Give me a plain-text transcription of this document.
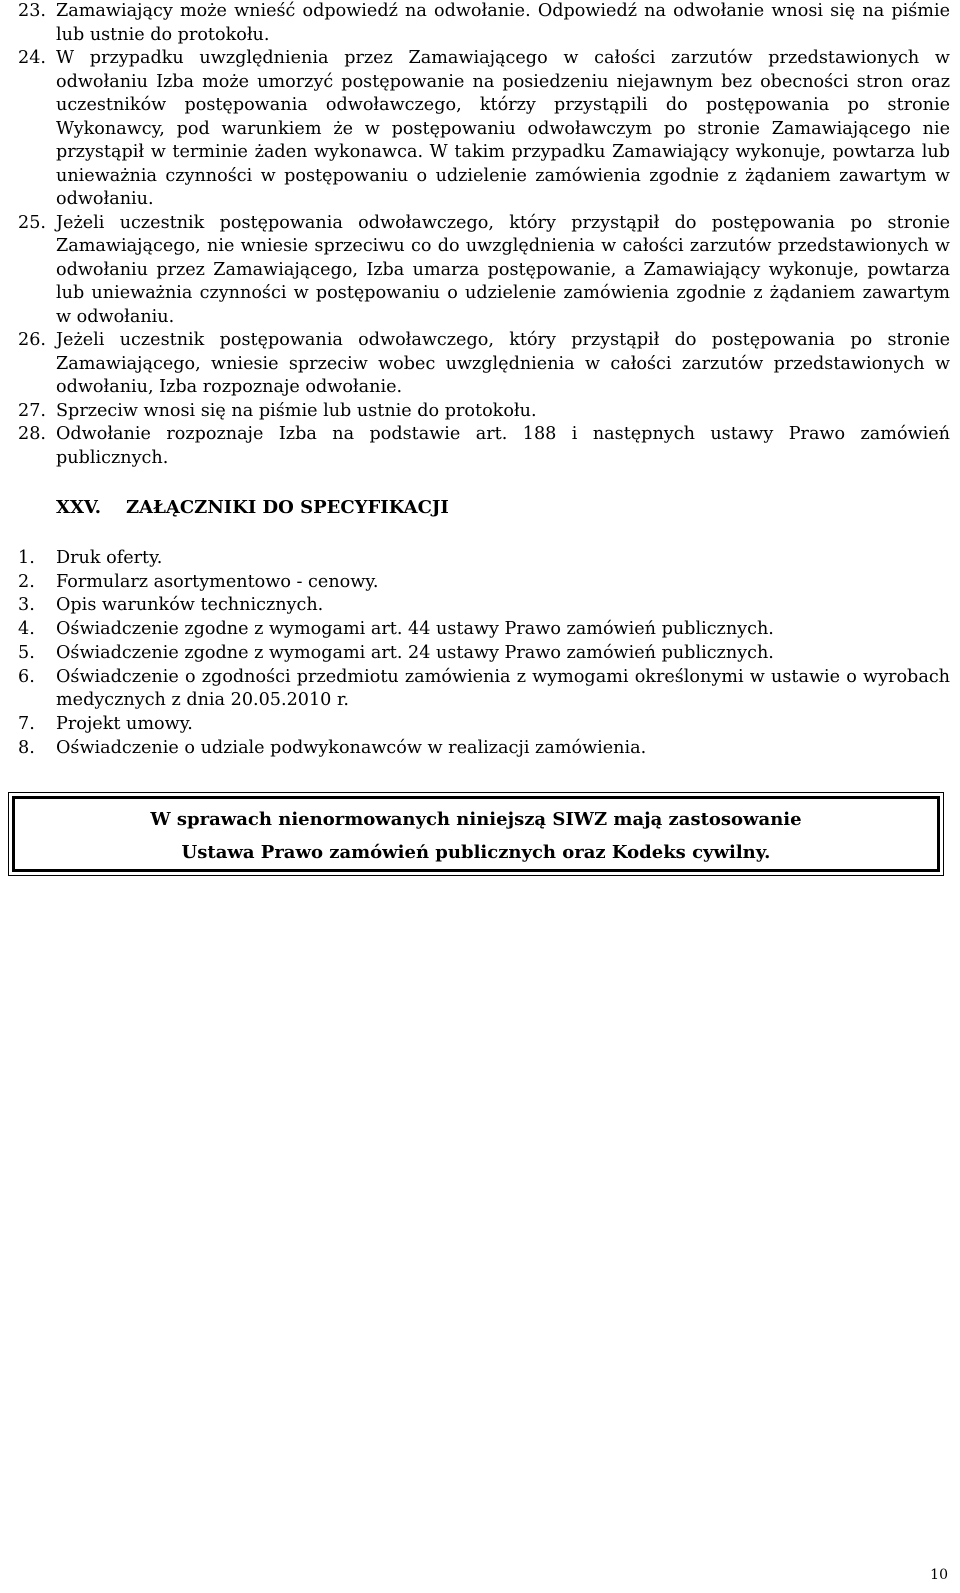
23. Zamawiający może wnieść odpowiedź na odwołanie. Odpowiedź na odwołanie wnosi się na piśmie lub ustnie do protokołu.
24. W przypadku uwzględnienia przez Zamawiającego w całości zarzutów przedstawionych w odwołaniu Izba może umorzyć postępowanie na posiedzeniu niejawnym bez obecności stron oraz uczestników postępowania odwoławczego, którzy przystąpili do postępowania po stronie Wykonawcy, pod warunkiem że w postępowaniu odwoławczym po stronie Zamawiającego nie przystąpił w terminie żaden wykonawca. W takim przypadku Zamawiający wykonuje, powtarza lub unieważnia czynności w postępowaniu o udzielenie zamówienia zgodnie z żądaniem zawartym w odwołaniu.
25. Jeżeli uczestnik postępowania odwoławczego, który przystąpił do postępowania po stronie Zamawiającego, nie wniesie sprzeciwu co do uwzględnienia w całości zarzutów przedstawionych w odwołaniu przez Zamawiającego, Izba umarza postępowanie, a Zamawiający wykonuje, powtarza lub unieważnia czynności w postępowaniu o udzielenie zamówienia zgodnie z żądaniem zawartym w odwołaniu.
26. Jeżeli uczestnik postępowania odwoławczego, który przystąpił do postępowania po stronie Zamawiającego, wniesie sprzeciw wobec uwzględnienia w całości zarzutów przedstawionych w odwołaniu, Izba rozpoznaje odwołanie.
27. Sprzeciw wnosi się na piśmie lub ustnie do protokołu.
28. Odwołanie rozpoznaje Izba na podstawie art. 188 i następnych ustawy Prawo zamówień publicznych.
XXV. ZAŁĄCZNIKI DO SPECYFIKACJI
1.	Druk oferty.
2.	Formularz asortymentowo - cenowy.
3.	Opis warunków technicznych.
4.	Oświadczenie zgodne z wymogami art. 44 ustawy Prawo zamówień publicznych.
5.	Oświadczenie zgodne z wymogami art. 24 ustawy Prawo zamówień publicznych.
6.	Oświadczenie o zgodności przedmiotu zamówienia z wymogami określonymi w ustawie o wyrobach medycznych z dnia 20.05.2010 r.
7.	Projekt umowy.
8.	Oświadczenie o udziale podwykonawców w realizacji zamówienia.
W sprawach nienormowanych niniejszą SIWZ mają zastosowanie
Ustawa Prawo zamówień publicznych oraz Kodeks cywilny.
10
